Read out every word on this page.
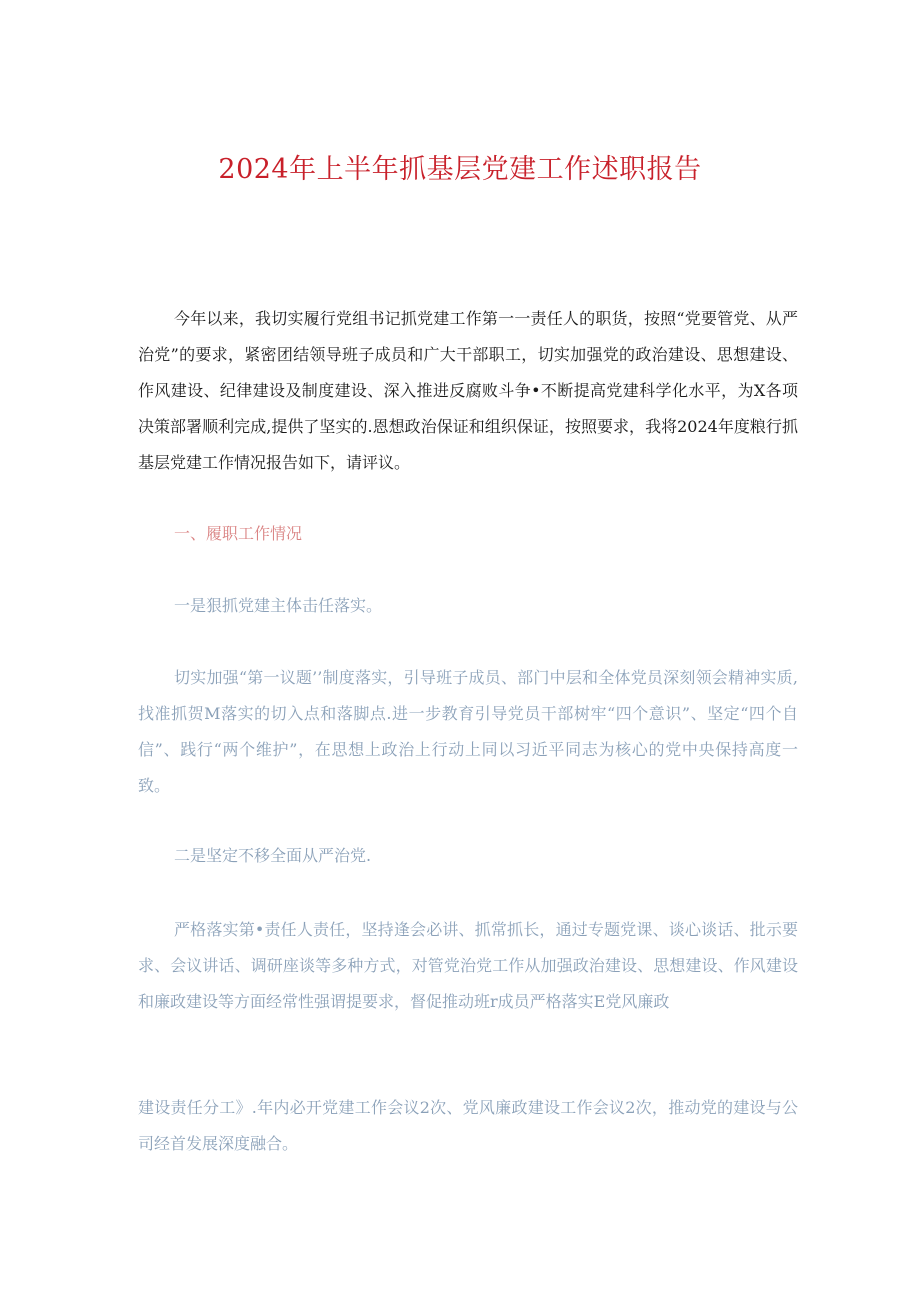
2024年上半年抓基层党建工作述职报告

今年以来，我切实履行党组书记抓党建工作第一一责任人的职货，按照“党要管党、从严治党”的要求，紧密团结领导班子成员和广大干部职工，切实加强党的政治建设、思想建设、作风建设、纪律建设及制度建设、深入推进反腐败斗争•不断提高党建科学化水平，为X各项决策部署顺利完成,提供了坚实的.恩想政治保证和组织保证，按照要求，我将2024年度粮行抓基层党建工作情况报告如下，请评议。

一、履职工作情况

一是狠抓党建主体击任落实。

切实加强“第一议题’’制度落实，引导班子成员、部门中层和全体党员深刻领会精神实质,找准抓贺M落实的切入点和落脚点.进一步教育引导党员干部树牢“四个意识”、坚定“四个自信”、践行“两个维护”，在思想上政治上行动上同以习近平同志为核心的党中央保持高度一致。

二是坚定不移全面从严治党.

严格落实第•责任人责任，坚持逢会必讲、抓常抓长，通过专题党课、谈心谈话、批示要求、会议讲话、调研座谈等多种方式，对管党治党工作从加强政治建设、思想建设、作风建设和廉政建设等方面经常性强谓提要求，督促推动班r成员严格落实E党风廉政

建设责任分工》.年内必开党建工作会议2次、党风廉政建设工作会议2次，推动党的建设与公司经首发展深度融合。
